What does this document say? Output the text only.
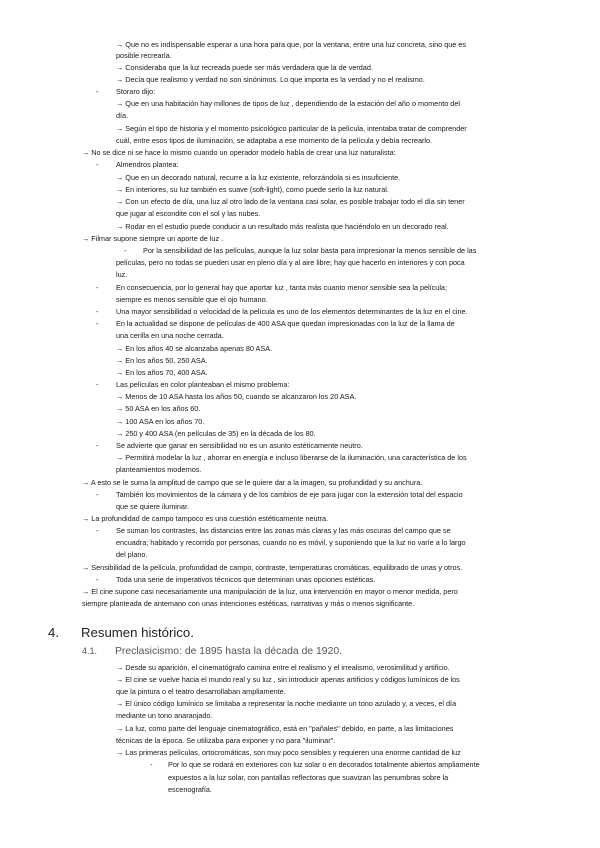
→ Que no es indispensable esperar a una hora para que, por la ventana, entre una luz concreta, sino que es
posible recrearla.
→ Consideraba que la luz recreada puede ser más verdadera que la de verdad.
→ Decía que realismo y verdad no son sinónimos. Lo que importa es la verdad y no el realismo.
- Storaro dijo:
→ Que en una habitación hay millones de tipos de luz , dependiendo de la estación del año o momento del
día.
→ Según el tipo de historia y el momento psicológico particular de la película, intentaba tratar de comprender
cuál, entre esos tipos de iluminación, se adaptaba a ese momento de la película y debía recrearlo.
→ No se dice ni se hace lo mismo cuando un operador modelo habla de crear una luz naturalista:
- Almendros plantea:
→ Que en un decorado natural, recurre a la luz existente, reforzándola si es insuficiente.
→ En interiores, su luz también es suave (soft-light), como puede serlo la luz natural.
→ Con un efecto de día, una luz al otro lado de la ventana casi solar, es posible trabajar todo el día sin tener
que jugar al escondite con el sol y las nubes.
→ Rodar en el estudio puede conducir a un resultado más realista que haciéndolo en un decorado real.
→ Filmar supone siempre un aporte de luz .
- Por la sensibilidad de las películas, aunque la luz solar basta para impresionar la menos sensible de las
películas, pero no todas se pueden usar en pleno día y al aire libre; hay que hacerlo en interiores y con poca
luz.
- En consecuencia, por lo general hay que aportar luz , tanta más cuanto menor sensible sea la película;
siempre es menos sensible que el ojo humano.
- Una mayor sensibilidad o velocidad de la película es uno de los elementos determinantes de la luz en el cine.
- En la actualidad se dispone de películas de 400 ASA que quedan impresionadas con la luz de la llama de
una cerilla en una noche cerrada.
→ En los años 40 se alcanzaba apenas 80 ASA.
→ En los años 50, 250 ASA.
→ En los años 70, 400 ASA.
- Las películas en color planteaban el mismo problema:
→ Menos de 10 ASA hasta los años 50, cuando se alcanzaron los 20 ASA.
→ 50 ASA en los años 60.
→ 100 ASA en los años 70.
→ 250 y 400 ASA (en películas de 35) en la década de los 80.
- Se advierte que ganar en sensibilidad no es un asunto estéticamente neutro.
→ Permitirá modelar la luz , ahorrar en energía e incluso liberarse de la iluminación, una característica de los
planteamientos modernos.
→ A esto se le suma la amplitud de campo que se le quiere dar a la imagen, su profundidad y su anchura.
- También los movimientos de la cámara y de los cambios de eje para jugar con la extensión total del espacio
que se quiere iluminar.
→ La profundidad de campo tampoco es una cuestión estéticamente neutra.
- Se suman los contrastes, las distancias entre las zonas más claras y las más oscuras del campo que se
encuadra; habitado y recorrido por personas, cuando no es móvil, y suponiendo que la luz no varíe a lo largo
del plano.
→ Sensibilidad de la película, profundidad de campo, contraste, temperaturas cromáticas, equilibrado de unas y otros.
- Toda una serie de imperativos técnicos que determinan unas opciones estéticas.
→ El cine supone casi necesariamente una manipulación de la luz, una intervención en mayor o menor medida, pero
siempre planteada de antemano con unas intenciones estéticas, narrativas y más o menos significante.
4. Resumen histórico.
4.1. Preclasicismo: de 1895 hasta la década de 1920.
→ Desde su aparición, el cinematógrafo camina entre el realismo y el irrealismo, verosimilitud y artificio.
→ El cine se vuelve hacia el mundo real y su luz , sin introducir apenas artificios y códigos lumínicos de los
que la pintura o el teatro desarrollaban ampliamente.
→ El único código lumínico se limitaba a representar la noche mediante un tono azulado y, a veces, el día
mediante un tono anaranjado.
→ La luz, como parte del lenguaje cinematográfico, está en "pañales" debido, en parte, a las limitaciones
técnicas de la época. Se utilizaba para exponer y no para "iluminar".
→ Las primeras películas, ortocromáticas, son muy poco sensibles y requieren una enorme cantidad de luz
- Por lo que se rodará en exteriores con luz solar o en decorados totalmente abiertos ampliamente
expuestos a la luz solar, con pantallas reflectoras que suavizan las penumbras sobre la
escenografía.
